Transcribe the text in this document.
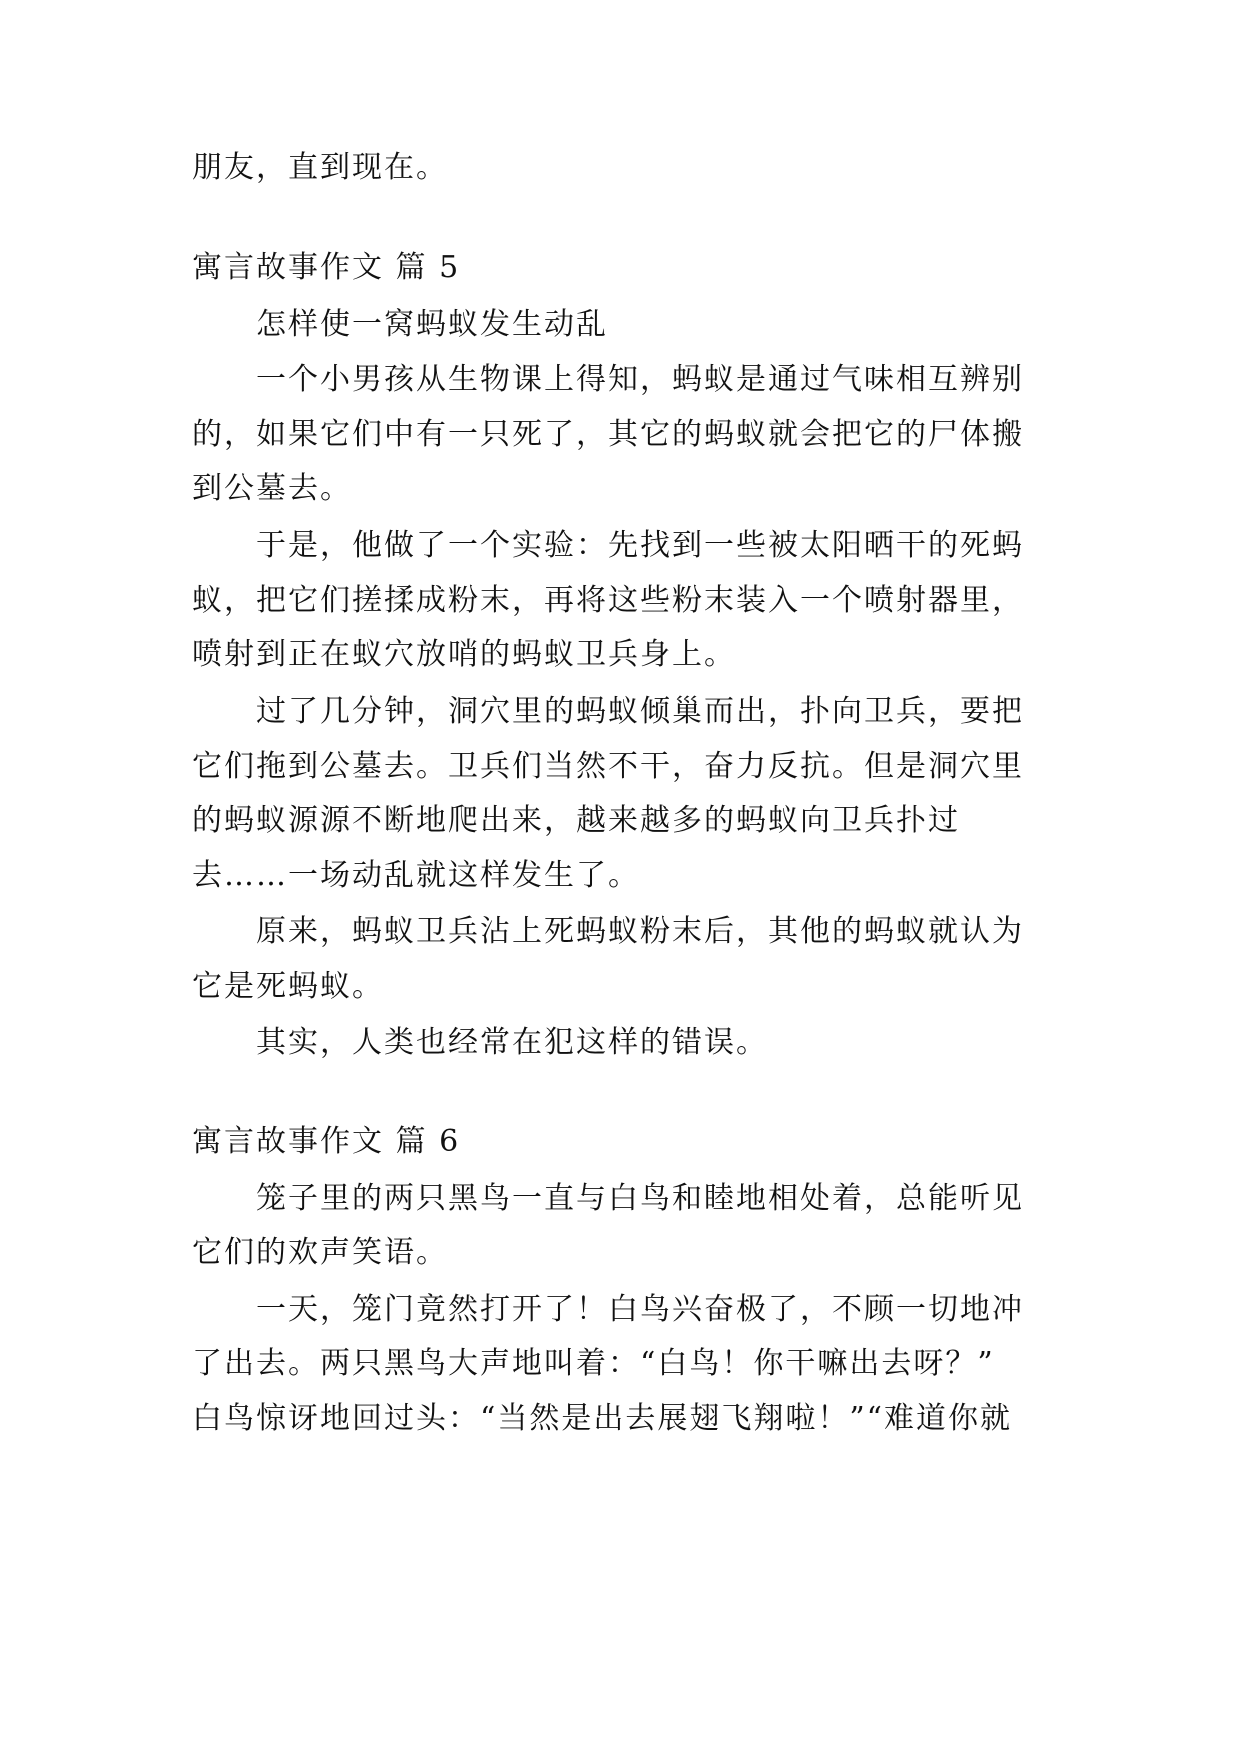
朋友，直到现在。
寓言故事作文 篇 5
怎样使一窝蚂蚁发生动乱
一个小男孩从生物课上得知，蚂蚁是通过气味相互辨别
的，如果它们中有一只死了，其它的蚂蚁就会把它的尸体搬
到公墓去。
于是，他做了一个实验：先找到一些被太阳晒干的死蚂
蚁，把它们搓揉成粉末，再将这些粉末装入一个喷射器里，
喷射到正在蚁穴放哨的蚂蚁卫兵身上。
过了几分钟，洞穴里的蚂蚁倾巢而出，扑向卫兵，要把
它们拖到公墓去。卫兵们当然不干，奋力反抗。但是洞穴里
的蚂蚁源源不断地爬出来，越来越多的蚂蚁向卫兵扑过
去……一场动乱就这样发生了。
原来，蚂蚁卫兵沾上死蚂蚁粉末后，其他的蚂蚁就认为
它是死蚂蚁。
其实，人类也经常在犯这样的错误。
寓言故事作文 篇 6
笼子里的两只黑鸟一直与白鸟和睦地相处着，总能听见
它们的欢声笑语。
一天，笼门竟然打开了！白鸟兴奋极了，不顾一切地冲
了出去。两只黑鸟大声地叫着：“白鸟！你干嘛出去呀？”
白鸟惊讶地回过头：“当然是出去展翅飞翔啦！”“难道你就
